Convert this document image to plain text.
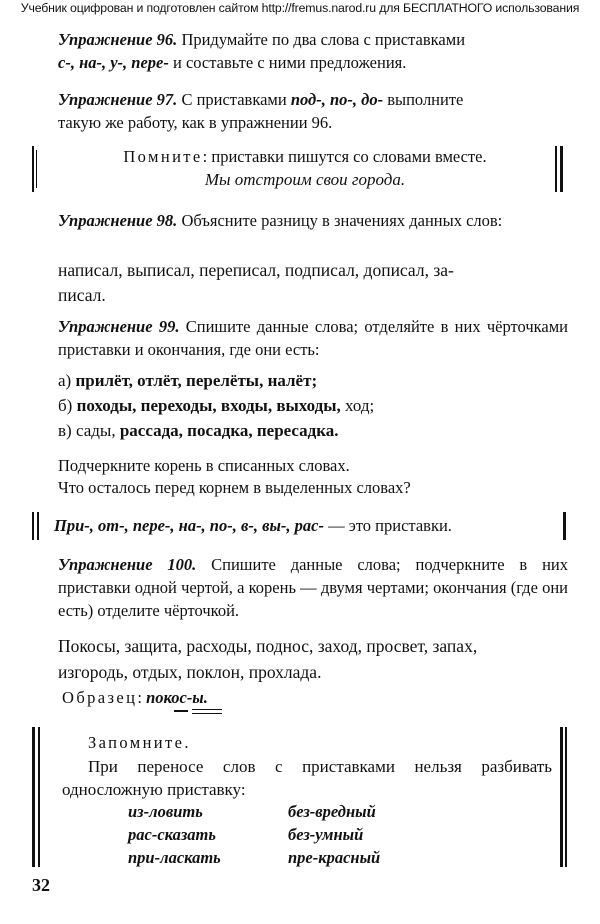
Учебник оцифрован и подготовлен сайтом http://fremus.narod.ru для БЕСПЛАТНОГО использования
Упражнение 96. Придумайте по два слова с приставками
с-, на-, у-, пере- и составьте с ними предложения.
Упражнение 97. С приставками под-, по-, до- выполните
такую же работу, как в упражнении 96.
Помните: приставки пишутся со словами вместе.
Мы отстроим свои города.
Упражнение 98. Объясните разницу в значениях данных слов:
написал, выписал, переписал, подписал, дописал, за-
писал.
Упражнение 99. Спишите данные слова; отделяйте в них чёрточками приставки и окончания, где они есть:
а) прилёт, отлёт, перелёты, налёт;
б) походы, переходы, входы, выходы, ход;
в) сады, рассада, посадка, пересадка.
Подчеркните корень в списанных словах.
Что осталось перед корнем в выделенных словах?
При-, от-, пере-, на-, по-, в-, вы-, рас- — это приставки.
Упражнение 100. Спишите данные слова; подчеркните в них приставки одной чертой, а корень — двумя чертами; окончания (где они есть) отделите чёрточкой.
Покосы, защита, расходы, поднос, заход, просвет, запах,
изгородь, отдых, поклон, прохлада.
Образец: покос-ы.
Запомните.
При переносе слов с приставками нельзя разбивать односложную приставку:
из-ловить	без-вредный
рас-сказать	без-умный
при-ласкать	пре-красный
32
